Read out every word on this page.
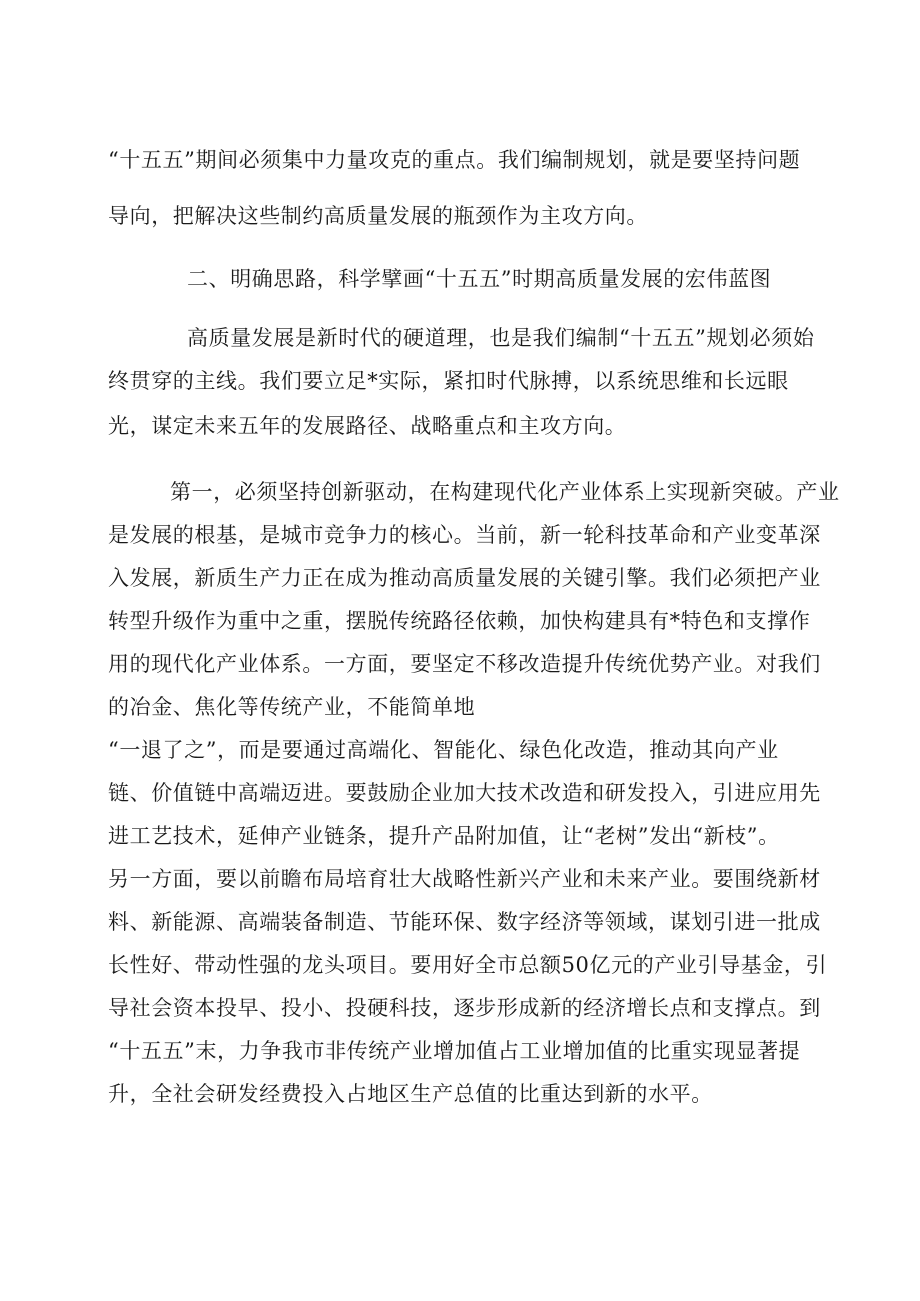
“十五五”期间必须集中力量攻克的重点。我们编制规划，就是要坚持问题
导向，把解决这些制约高质量发展的瓶颈作为主攻方向。
二、明确思路，科学擘画“十五五”时期高质量发展的宏伟蓝图
高质量发展是新时代的硬道理，也是我们编制“十五五”规划必须始
终贯穿的主线。我们要立足*实际，紧扣时代脉搏，以系统思维和长远眼
光，谋定未来五年的发展路径、战略重点和主攻方向。
第一，必须坚持创新驱动，在构建现代化产业体系上实现新突破。产业
是发展的根基，是城市竞争力的核心。当前，新一轮科技革命和产业变革深
入发展，新质生产力正在成为推动高质量发展的关键引擎。我们必须把产业
转型升级作为重中之重，摆脱传统路径依赖，加快构建具有*特色和支撑作
用的现代化产业体系。一方面，要坚定不移改造提升传统优势产业。对我们
的冶金、焦化等传统产业，不能简单地
“一退了之”，而是要通过高端化、智能化、绿色化改造，推动其向产业
链、价值链中高端迈进。要鼓励企业加大技术改造和研发投入，引进应用先
进工艺技术，延伸产业链条，提升产品附加值，让“老树”发出“新枝”。
另一方面，要以前瞻布局培育壮大战略性新兴产业和未来产业。要围绕新材
料、新能源、高端装备制造、节能环保、数字经济等领域，谋划引进一批成
长性好、带动性强的龙头项目。要用好全市总额50亿元的产业引导基金，引
导社会资本投早、投小、投硬科技，逐步形成新的经济增长点和支撑点。到
“十五五”末，力争我市非传统产业增加值占工业增加值的比重实现显著提
升，全社会研发经费投入占地区生产总值的比重达到新的水平。
